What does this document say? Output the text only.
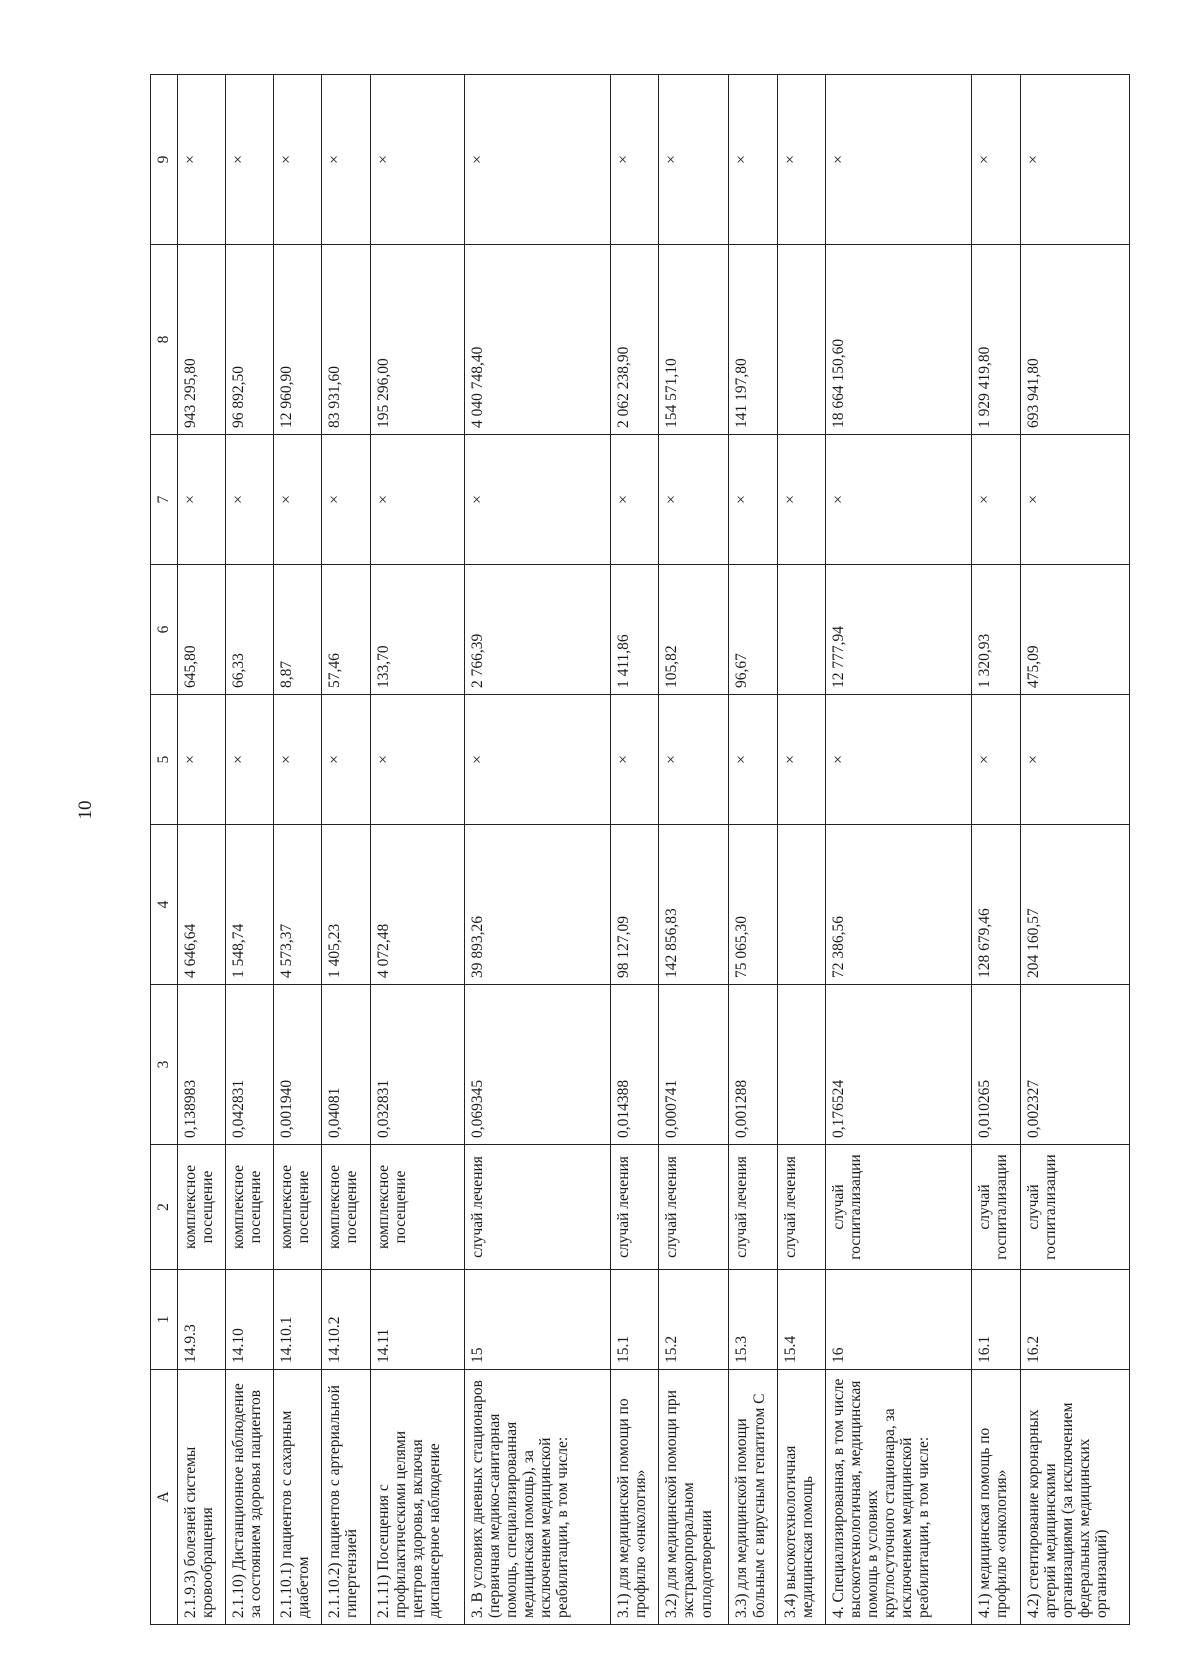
10
A	1	2	3	4	5	6	7	8	9
2.1.9.3) болезней системы кровообращения	14.9.3	комплексное посещение	0,138983	4 646,64	×	645,80	×	943 295,80	×
2.1.10) Дистанционное наблюдение за состоянием здоровья пациентов	14.10	комплексное посещение	0,042831	1 548,74	×	66,33	×	96 892,50	×
2.1.10.1) пациентов с сахарным диабетом	14.10.1	комплексное посещение	0,001940	4 573,37	×	8,87	×	12 960,90	×
2.1.10.2) пациентов с артериальной гипертензией	14.10.2	комплексное посещение	0,04081	1 405,23	×	57,46	×	83 931,60	×
2.1.11) Посещения с профилактическими целями центров здоровья, включая диспансерное наблюдение	14.11	комплексное посещение	0,032831	4 072,48	×	133,70	×	195 296,00	×
3. В условиях дневных стационаров (первичная медико-санитарная помощь, специализированная медицинская помощь), за исключением медицинской реабилитации, в том числе:	15	случай лечения	0,069345	39 893,26	×	2 766,39	×	4 040 748,40	×
3.1) для медицинской помощи по профилю «онкология»	15.1	случай лечения	0,014388	98 127,09	×	1 411,86	×	2 062 238,90	×
3.2) для медицинской помощи при экстракорпоральном оплодотворении	15.2	случай лечения	0,000741	142 856,83	×	105,82	×	154 571,10	×
3.3) для медицинской помощи больным с вирусным гепатитом С	15.3	случай лечения	0,001288	75 065,30	×	96,67	×	141 197,80	×
3.4) высокотехнологичная медицинская помощь	15.4	случай лечения			×		×		×
4. Специализированная, в том числе высокотехнологичная, медицинская помощь в условиях круглосуточного стационара, за исключением медицинской реабилитации, в том числе:	16	случай госпитализации	0,176524	72 386,56	×	12 777,94	×	18 664 150,60	×
4.1) медицинская помощь по профилю «онкология»	16.1	случай госпитализации	0,010265	128 679,46	×	1 320,93	×	1 929 419,80	×
4.2) стентирование коронарных артерий медицинскими организациями (за исключением федеральных медицинских организаций)	16.2	случай госпитализации	0,002327	204 160,57	×	475,09	×	693 941,80	×
